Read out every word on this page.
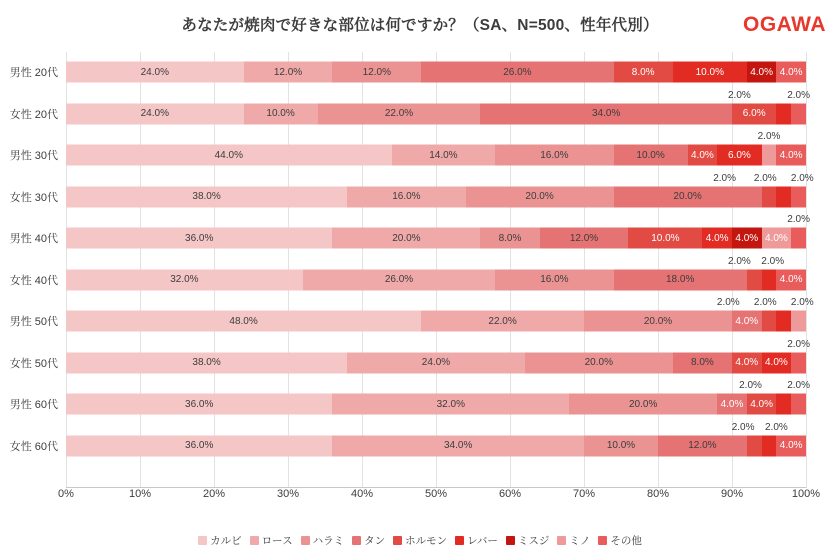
あなたが焼肉で好きな部位は何ですか？（SA、N=500、性年代別）	OGAWA
男性 20代
女性 20代
男性 30代
女性 30代
男性 40代
女性 40代
男性 50代
女性 50代
男性 60代
女性 60代
24.0%	12.0%	12.0%	26.0%	8.0%	10.0%	4.0% 4.0%
24.0%	10.0%	22.0%	34.0%	6.0%
2.0%	2.0%
44.0%	14.0%	16.0%	10.0%	4.0%	6.0%	4.0%
2.0%
38.0%	16.0%	20.0%	20.0%
2.0% 2.0% 2.0%
36.0%	20.0%	8.0%	12.0%	10.0%	4.0% 4.0% 4.0%
2.0%
32.0%	26.0%	16.0%	18.0%	4.0%
2.0% 2.0%
48.0%	22.0%	20.0%	4.0%
2.0% 2.0% 2.0%
38.0%	24.0%	20.0%	8.0%	4.0% 4.0%
2.0%
36.0%	32.0%	20.0%	4.0% 4.0%
2.0%	2.0%
36.0%	34.0%	10.0%	12.0%	4.0%
2.0% 2.0%
0%	10%	20%	30%	40%	50%	60%	70%	80%	90%	100%
カルビ ロース ハラミ タン ホルモン レバー ミスジ ミノ その他
